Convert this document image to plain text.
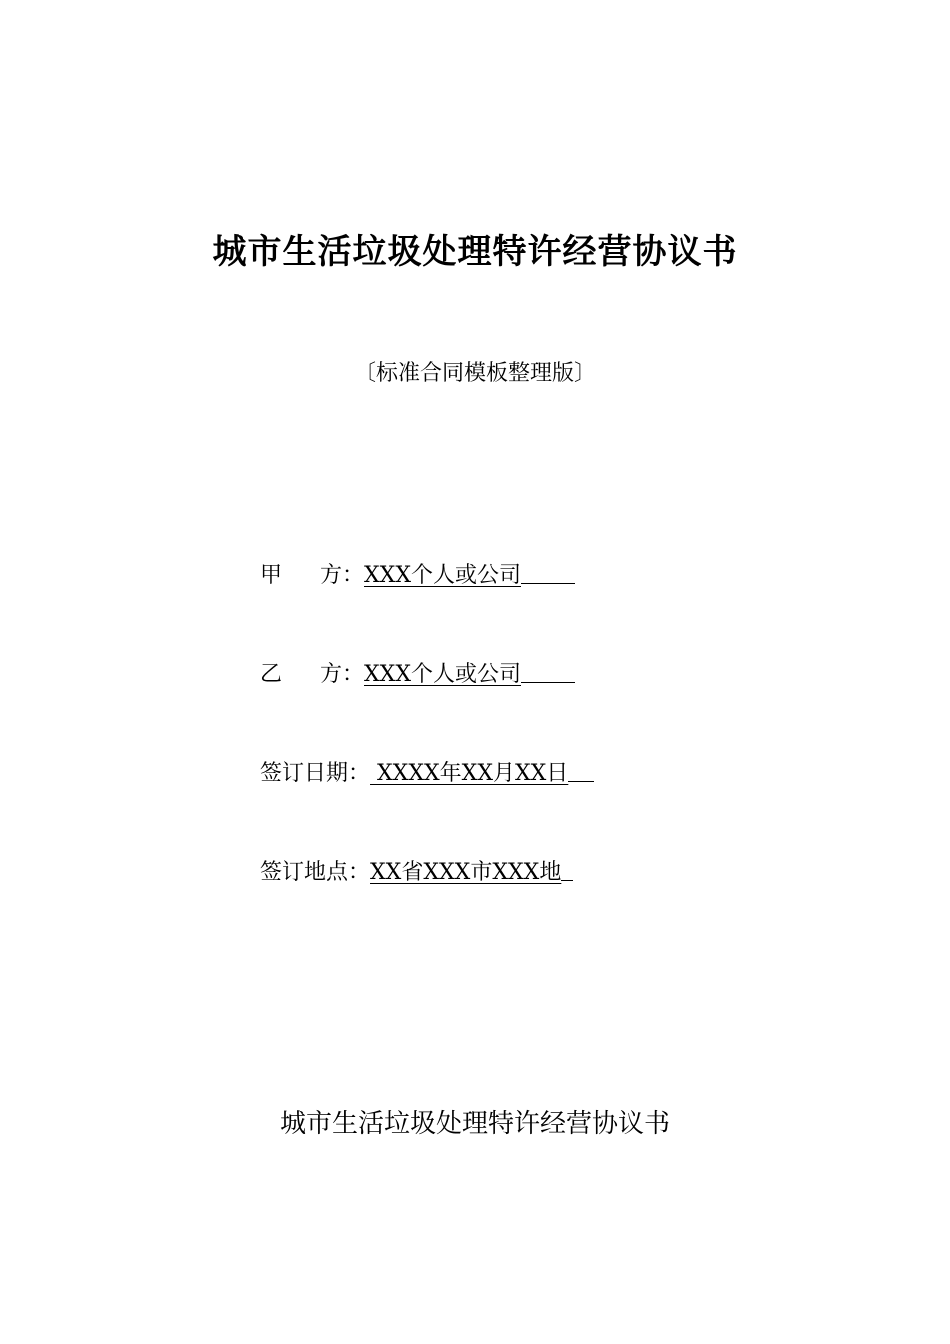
城市生活垃圾处理特许经营协议书
〔标准合同模板整理版〕
甲 方： XXX个人或公司
乙 方： XXX个人或公司
签订日期： XXXX年XX月XX日
签订地点： XX省XXX市XXX地
城市生活垃圾处理特许经营协议书
